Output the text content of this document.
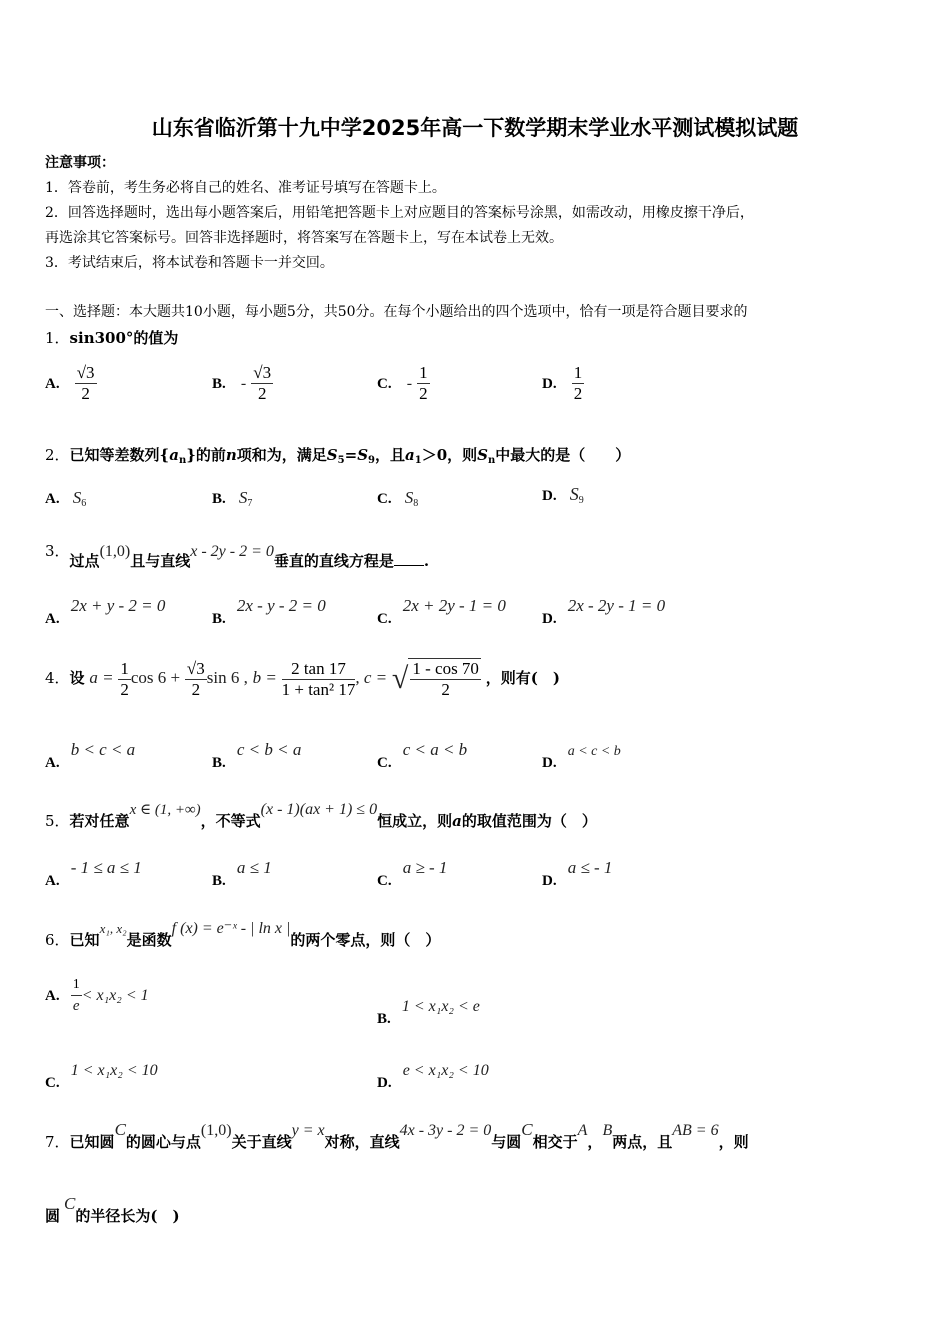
山东省临沂第十九中学2025年高一下数学期末学业水平测试模拟试题
注意事项：
1．答卷前，考生务必将自己的姓名、准考证号填写在答题卡上。
2．回答选择题时，选出每小题答案后，用铅笔把答题卡上对应题目的答案标号涂黑，如需改动，用橡皮擦干净后，
再选涂其它答案标号。回答非选择题时，将答案写在答题卡上，写在本试卷上无效。
3．考试结束后，将本试卷和答题卡一并交回。
一、选择题：本大题共10小题，每小题5分，共50分。在每个小题给出的四个选项中，恰有一项是符合题目要求的
1．sin300°的值为
A. $\frac{√3}{2}$	B. - $\frac{√3}{2}$	C. - $\frac{1}{2}$	D. $\frac{1}{2}$
2．已知等差数列$\{a_n\}$的前n项和为，满足$S_5=S_9$，且$a_1>0$，则$S_n$中最大的是（　　）
A. $S_6$	B. $S_7$	C. $S_8$	D. $S_9$
3．过点(1,0)且与直线x - 2y - 2 = 0垂直的直线方程是 .
A. 2x + y - 2 = 0
B. 2x - y - 2 = 0
C. 2x + 2y - 1 = 0
D. 2x - 2y - 1 = 0
4．设 $a = \frac{1}{2}$ $\cos 6 + \frac{√3}{2}$ sin 6 , $b = \frac{2 \tan 17}{\text{1 + tan² 17}}$ , c = √ $\frac{1 - \cos 70}{2}$ ，则有(　)
A. b < c < a
B. c < b < a
C. c < a < b
D. a < c < b
5．若对任意x ∈ (1, +∞)，不等式(x - 1)(ax + 1) ≤ 0恒成立，则a的取值范围为（　）
A. - 1 ≤ a ≤ 1
B. a ≤ 1
C. a ≥ - 1
D. a ≤ - 1
6．已知x₁, x₂是函数f (x) = e⁻ˣ - | ln x |的两个零点，则（　）
A. $\frac{1}{e} < x_1x_2 < 1$
B. 1 < x₁x₂ < e
C. 1 < x₁x₂ < 10
D. e < x₁x₂ < 10
7．已知圆C的圆心与点(1,0)关于直线y = x对称，直线4x - 3y - 2 = 0与圆C相交于A，B两点，且AB = 6，则
圆C的半径长为(　)
